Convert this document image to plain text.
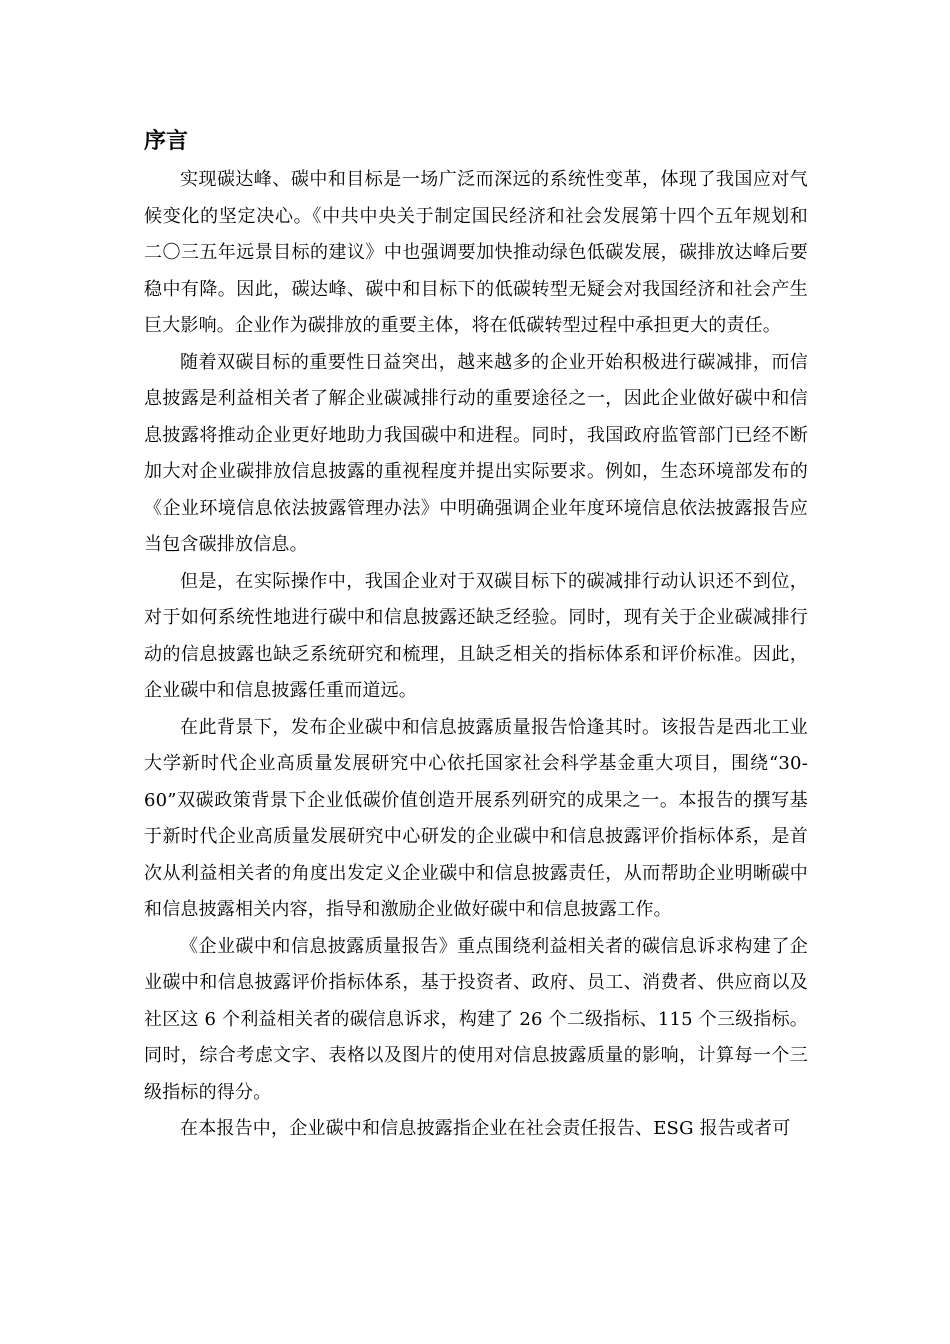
序言

实现碳达峰、碳中和目标是一场广泛而深远的系统性变革，体现了我国应对气候变化的坚定决心。《中共中央关于制定国民经济和社会发展第十四个五年规划和二〇三五年远景目标的建议》中也强调要加快推动绿色低碳发展，碳排放达峰后要稳中有降。因此，碳达峰、碳中和目标下的低碳转型无疑会对我国经济和社会产生巨大影响。企业作为碳排放的重要主体，将在低碳转型过程中承担更大的责任。

随着双碳目标的重要性日益突出，越来越多的企业开始积极进行碳减排，而信息披露是利益相关者了解企业碳减排行动的重要途径之一，因此企业做好碳中和信息披露将推动企业更好地助力我国碳中和进程。同时，我国政府监管部门已经不断加大对企业碳排放信息披露的重视程度并提出实际要求。例如，生态环境部发布的《企业环境信息依法披露管理办法》中明确强调企业年度环境信息依法披露报告应当包含碳排放信息。

但是，在实际操作中，我国企业对于双碳目标下的碳减排行动认识还不到位，对于如何系统性地进行碳中和信息披露还缺乏经验。同时，现有关于企业碳减排行动的信息披露也缺乏系统研究和梳理，且缺乏相关的指标体系和评价标准。因此， 企业碳中和信息披露任重而道远。

在此背景下，发布企业碳中和信息披露质量报告恰逢其时。该报告是西北工业大学新时代企业高质量发展研究中心依托国家社会科学基金重大项目，围绕“30-60”双碳政策背景下企业低碳价值创造开展系列研究的成果之一。本报告的撰写基于新时代企业高质量发展研究中心研发的企业碳中和信息披露评价指标体系，是首次从利益相关者的角度出发定义企业碳中和信息披露责任，从而帮助企业明晰碳中和信息披露相关内容，指导和激励企业做好碳中和信息披露工作。

《企业碳中和信息披露质量报告》重点围绕利益相关者的碳信息诉求构建了企业碳中和信息披露评价指标体系，基于投资者、政府、员工、消费者、供应商以及社区这 6 个利益相关者的碳信息诉求，构建了 26 个二级指标、115 个三级指标。同时，综合考虑文字、表格以及图片的使用对信息披露质量的影响，计算每一个三级指标的得分。

在本报告中，企业碳中和信息披露指企业在社会责任报告、ESG 报告或者可
